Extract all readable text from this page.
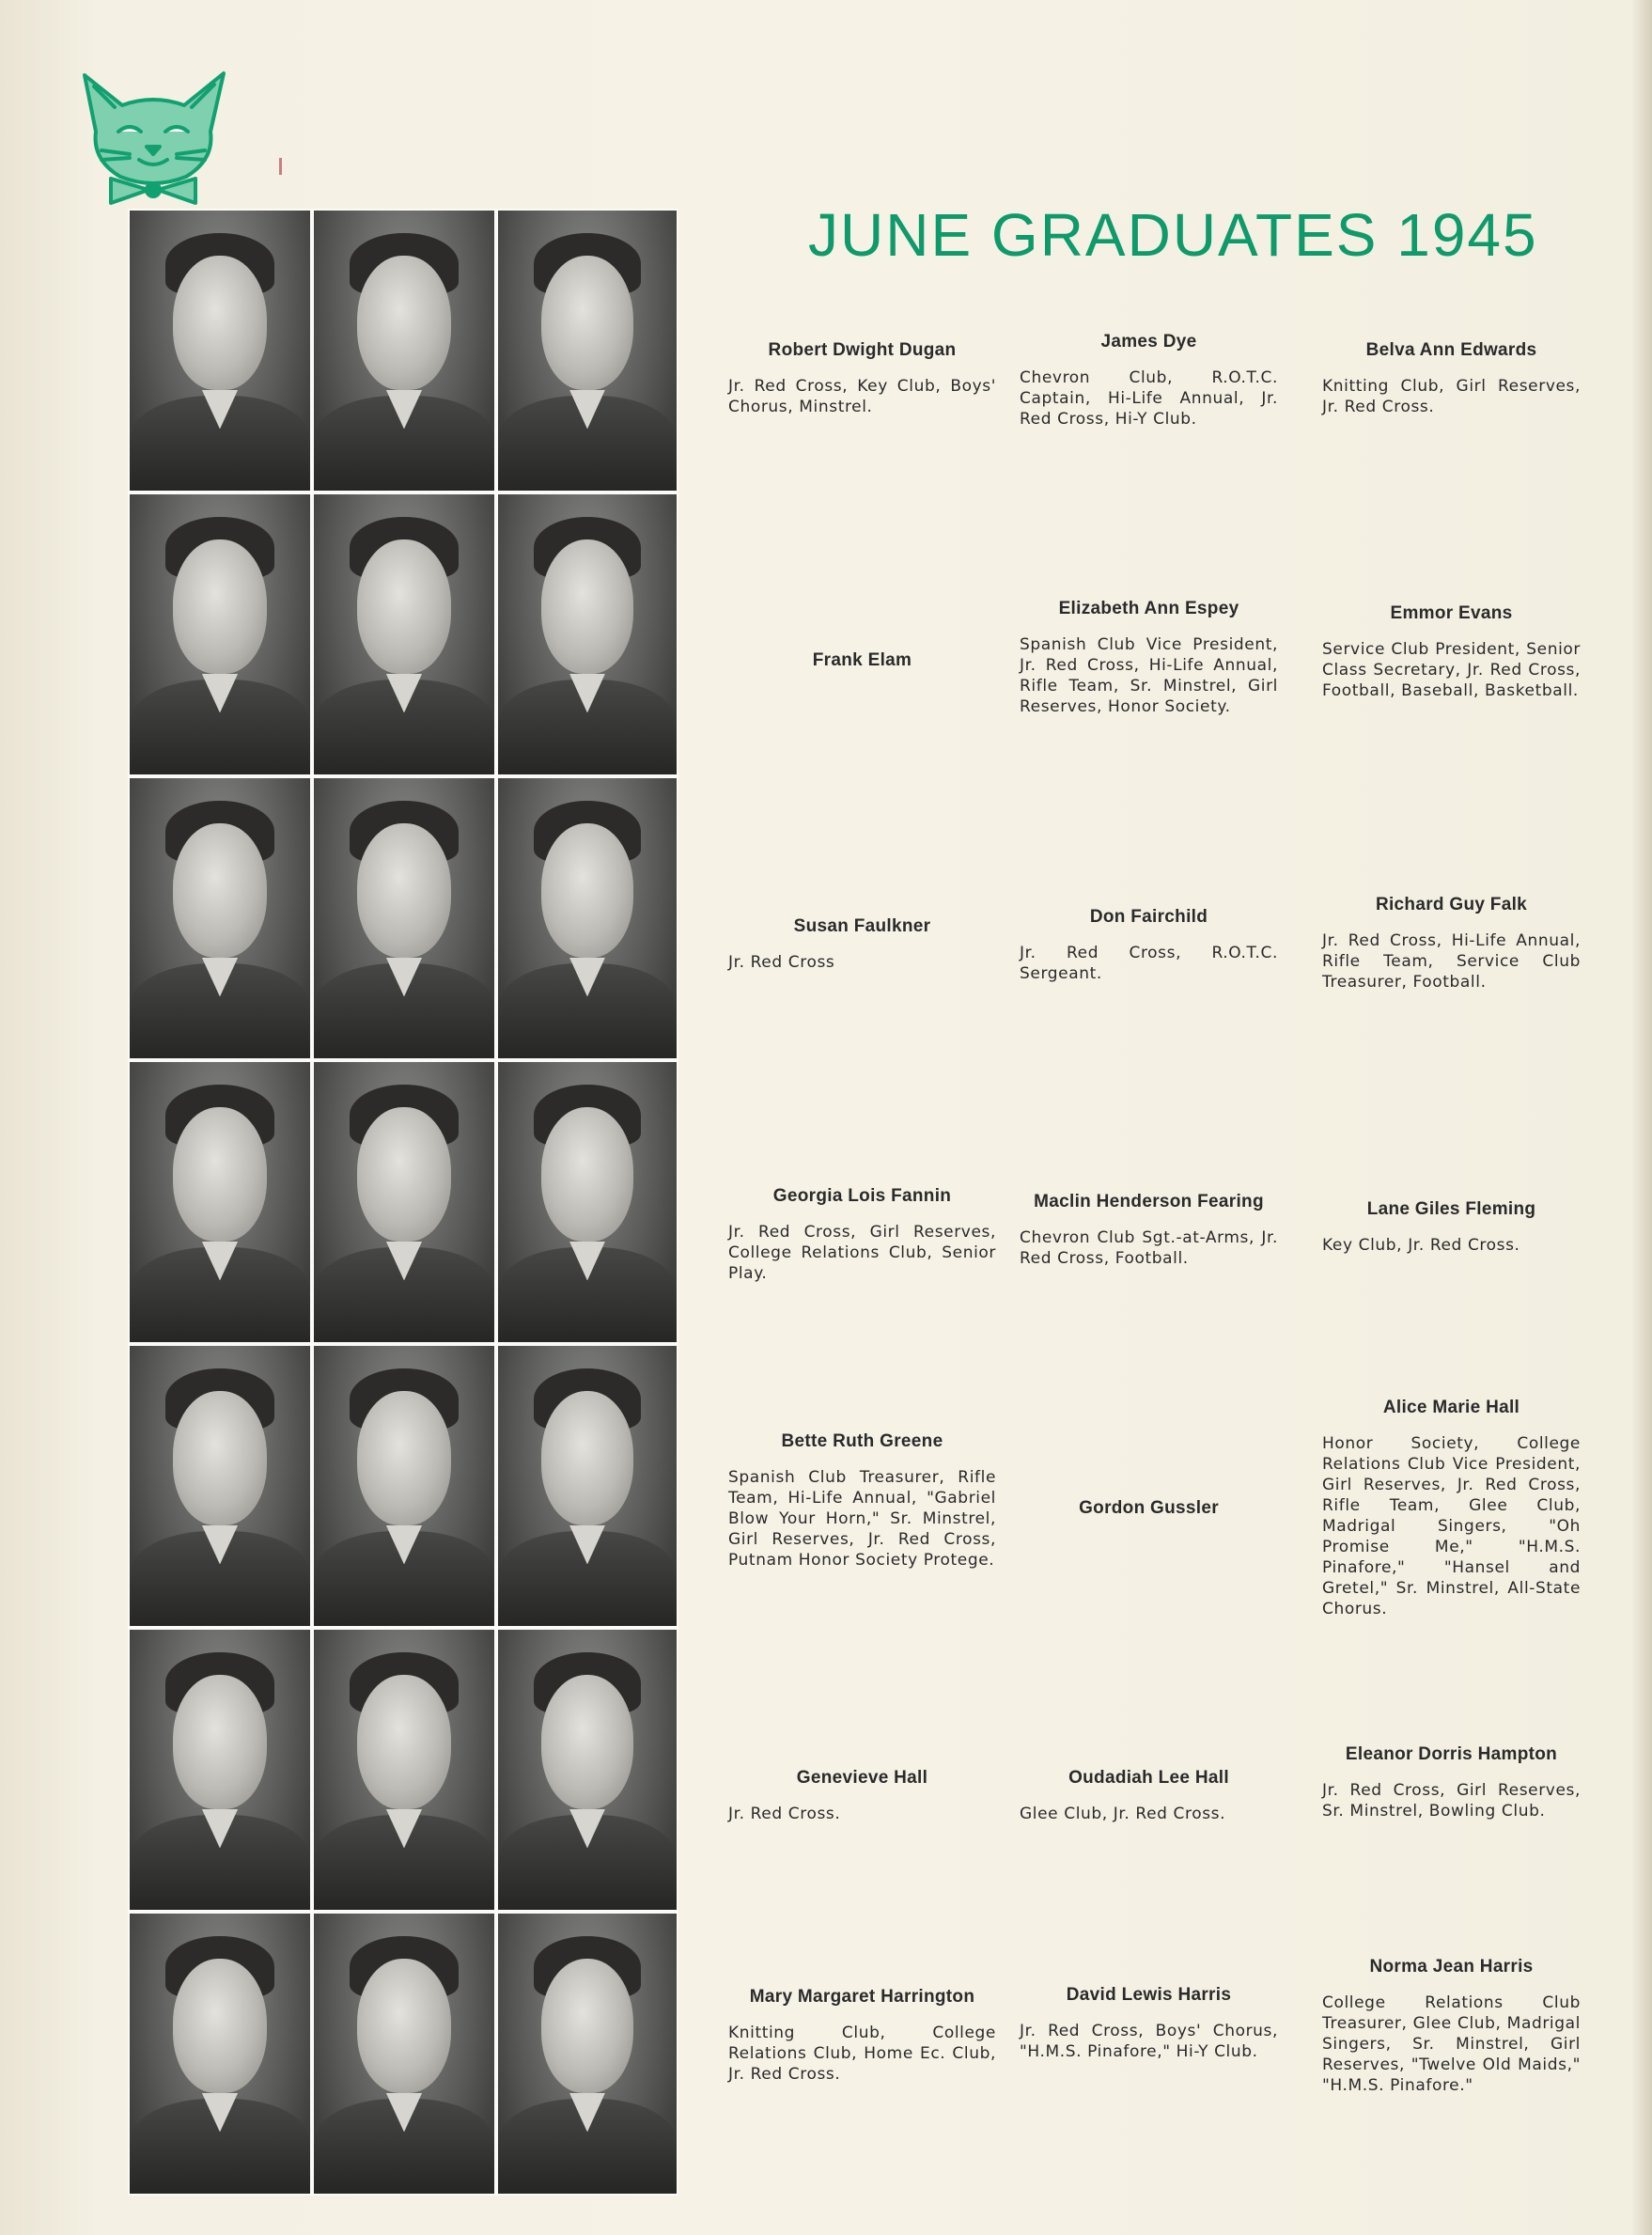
JUNE GRADUATES 1945
Robert Dwight Dugan
Jr. Red Cross, Key Club, Boys' Chorus, Minstrel.
James Dye
Chevron Club, R.O.T.C. Captain, Hi-Life Annual, Jr. Red Cross, Hi-Y Club.
Belva Ann Edwards
Knitting Club, Girl Reserves, Jr. Red Cross.
Frank Elam
Elizabeth Ann Espey
Spanish Club Vice President, Jr. Red Cross, Hi-Life Annual, Rifle Team, Sr. Minstrel, Girl Reserves, Honor Society.
Emmor Evans
Service Club President, Senior Class Secretary, Jr. Red Cross, Football, Baseball, Basketball.
Susan Faulkner
Jr. Red Cross
Don Fairchild
Jr. Red Cross, R.O.T.C. Sergeant.
Richard Guy Falk
Jr. Red Cross, Hi-Life Annual, Rifle Team, Service Club Treasurer, Football.
Georgia Lois Fannin
Jr. Red Cross, Girl Reserves, College Relations Club, Senior Play.
Maclin Henderson Fearing
Chevron Club Sgt.-at-Arms, Jr. Red Cross, Football.
Lane Giles Fleming
Key Club, Jr. Red Cross.
Bette Ruth Greene
Spanish Club Treasurer, Rifle Team, Hi-Life Annual, "Gabriel Blow Your Horn," Sr. Minstrel, Girl Reserves, Jr. Red Cross, Putnam Honor Society Protege.
Gordon Gussler
Alice Marie Hall
Honor Society, College Relations Club Vice President, Girl Reserves, Jr. Red Cross, Rifle Team, Glee Club, Madrigal Singers, "Oh Promise Me," "H.M.S. Pinafore," "Hansel and Gretel," Sr. Minstrel, All-State Chorus.
Genevieve Hall
Jr. Red Cross.
Oudadiah Lee Hall
Glee Club, Jr. Red Cross.
Eleanor Dorris Hampton
Jr. Red Cross, Girl Reserves, Sr. Minstrel, Bowling Club.
Mary Margaret Harrington
Knitting Club, College Relations Club, Home Ec. Club, Jr. Red Cross.
David Lewis Harris
Jr. Red Cross, Boys' Chorus, "H.M.S. Pinafore," Hi-Y Club.
Norma Jean Harris
College Relations Club Treasurer, Glee Club, Madrigal Singers, Sr. Minstrel, Girl Reserves, "Twelve Old Maids," "H.M.S. Pinafore."
